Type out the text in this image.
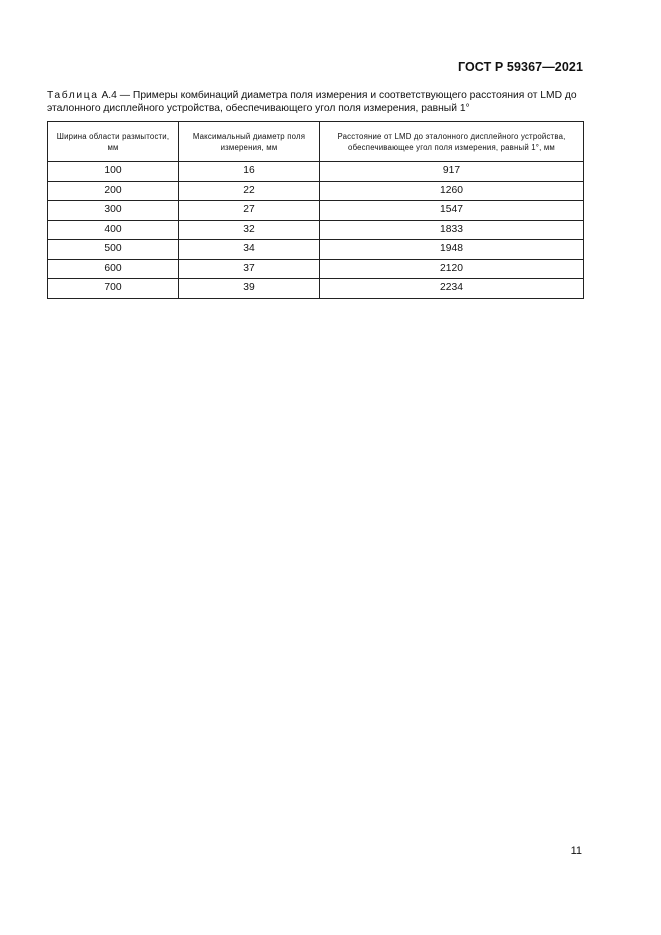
ГОСТ Р 59367—2021
Таблица А.4 — Примеры комбинаций диаметра поля измерения и соответствующего расстояния от LMD до эталонного дисплейного устройства, обеспечивающего угол поля измерения, равный 1°
Ширина области размытости, мм	Максимальный диаметр поля измерения, мм	Расстояние от LMD до эталонного дисплейного устройства, обеспечивающее угол поля измерения, равный 1°, мм
100	16	917
200	22	1260
300	27	1547
400	32	1833
500	34	1948
600	37	2120
700	39	2234
11
